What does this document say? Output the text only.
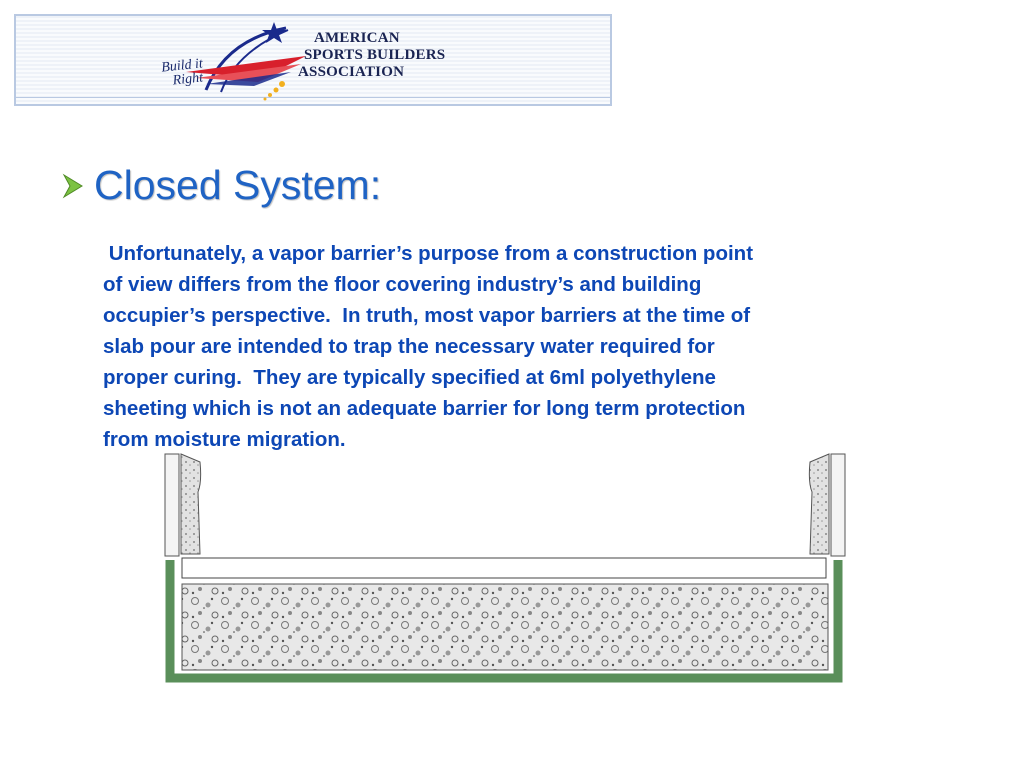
Build it
Right
AMERICAN
SPORTS BUILDERS
ASSOCIATION
Closed System:

Unfortunately, a vapor barrier’s purpose from a construction point
of view differs from the floor covering industry’s and building
occupier’s perspective.  In truth, most vapor barriers at the time of
slab pour are intended to trap the necessary water required for
proper curing.  They are typically specified at 6ml polyethylene
sheeting which is not an adequate barrier for long term protection
from moisture migration.
